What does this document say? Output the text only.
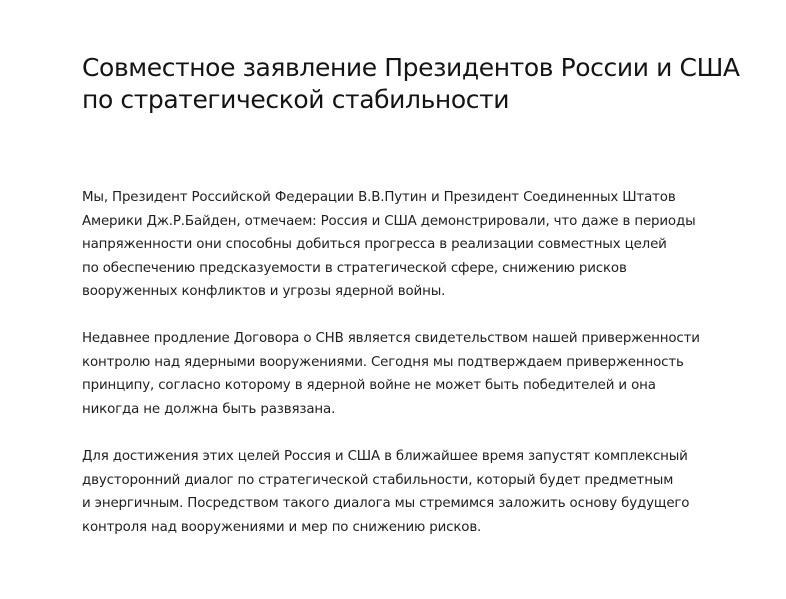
Совместное заявление Президентов России и США
по стратегической стабильности

Мы, Президент Российской Федерации В.В.Путин и Президент Соединенных Штатов
Америки Дж.Р.Байден, отмечаем: Россия и США демонстрировали, что даже в периоды
напряженности они способны добиться прогресса в реализации совместных целей
по обеспечению предсказуемости в стратегической сфере, снижению рисков
вооруженных конфликтов и угрозы ядерной войны.

Недавнее продление Договора о СНВ является свидетельством нашей приверженности
контролю над ядерными вооружениями. Сегодня мы подтверждаем приверженность
принципу, согласно которому в ядерной войне не может быть победителей и она
никогда не должна быть развязана.

Для достижения этих целей Россия и США в ближайшее время запустят комплексный
двусторонний диалог по стратегической стабильности, который будет предметным
и энергичным. Посредством такого диалога мы стремимся заложить основу будущего
контроля над вооружениями и мер по снижению рисков.
